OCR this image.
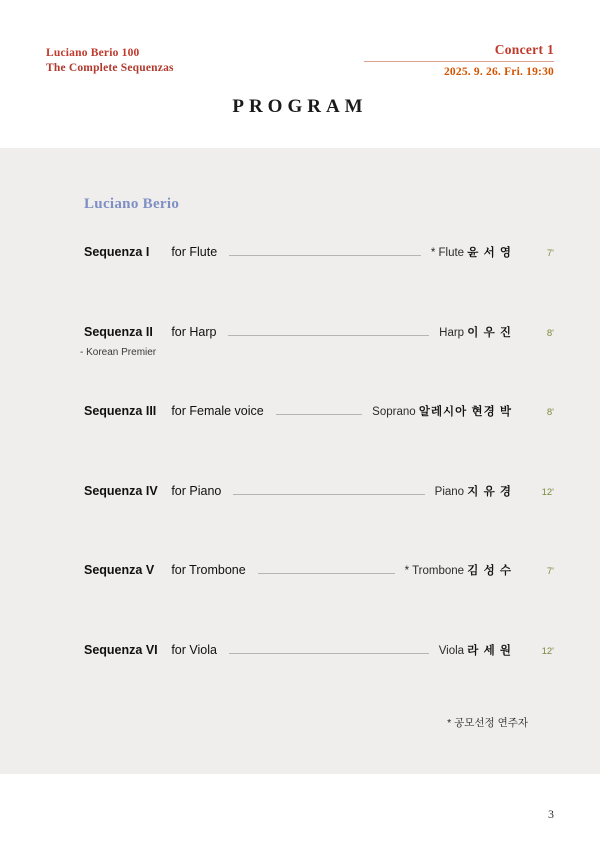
Luciano Berio 100
The Complete Sequenzas
Concert 1
2025. 9. 26. Fri. 19:30
PROGRAM
Luciano Berio
Sequenza I for Flute	* Flute 윤 서 영	7'
Sequenza II for Harp	Harp 이 우 진	8'
- Korean Premier
Sequenza III for Female voice	Soprano 알레시아 현경 박	8'
Sequenza IV for Piano	Piano 지 유 경	12'
Sequenza V for Trombone	* Trombone 김 성 수	7'
Sequenza VI for Viola	Viola 라 세 원	12'
* 공모선정 연주자
3
